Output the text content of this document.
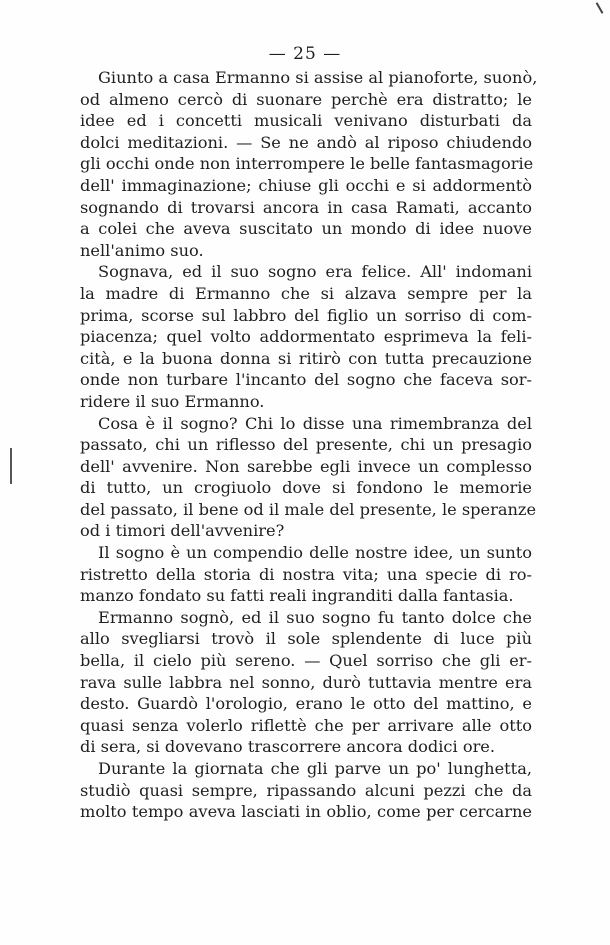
— 25 —
Giunto a casa Ermanno si assise al pianoforte, suonò,
od almeno cercò di suonare perchè era distratto; le
idee ed i concetti musicali venivano disturbati da
dolci meditazioni. — Se ne andò al riposo chiudendo
gli occhi onde non interrompere le belle fantasmagorie
dell' immaginazione; chiuse gli occhi e si addormentò
sognando di trovarsi ancora in casa Ramati, accanto
a colei che aveva suscitato un mondo di idee nuove
nell'animo suo.
Sognava, ed il suo sogno era felice. All' indomani
la madre di Ermanno che si alzava sempre per la
prima, scorse sul labbro del figlio un sorriso di com-
piacenza; quel volto addormentato esprimeva la feli-
cità, e la buona donna si ritirò con tutta precauzione
onde non turbare l'incanto del sogno che faceva sor-
ridere il suo Ermanno.
Cosa è il sogno? Chi lo disse una rimembranza del
passato, chi un riflesso del presente, chi un presagio
dell' avvenire. Non sarebbe egli invece un complesso
di tutto, un crogiuolo dove si fondono le memorie
del passato, il bene od il male del presente, le speranze
od i timori dell'avvenire?
Il sogno è un compendio delle nostre idee, un sunto
ristretto della storia di nostra vita; una specie di ro-
manzo fondato su fatti reali ingranditi dalla fantasia.
Ermanno sognò, ed il suo sogno fu tanto dolce che
allo svegliarsi trovò il sole splendente di luce più
bella, il cielo più sereno. — Quel sorriso che gli er-
rava sulle labbra nel sonno, durò tuttavia mentre era
desto. Guardò l'orologio, erano le otto del mattino, e
quasi senza volerlo riflettè che per arrivare alle otto
di sera, si dovevano trascorrere ancora dodici ore.
Durante la giornata che gli parve un po' lunghetta,
studiò quasi sempre, ripassando alcuni pezzi che da
molto tempo aveva lasciati in oblio, come per cercarne
